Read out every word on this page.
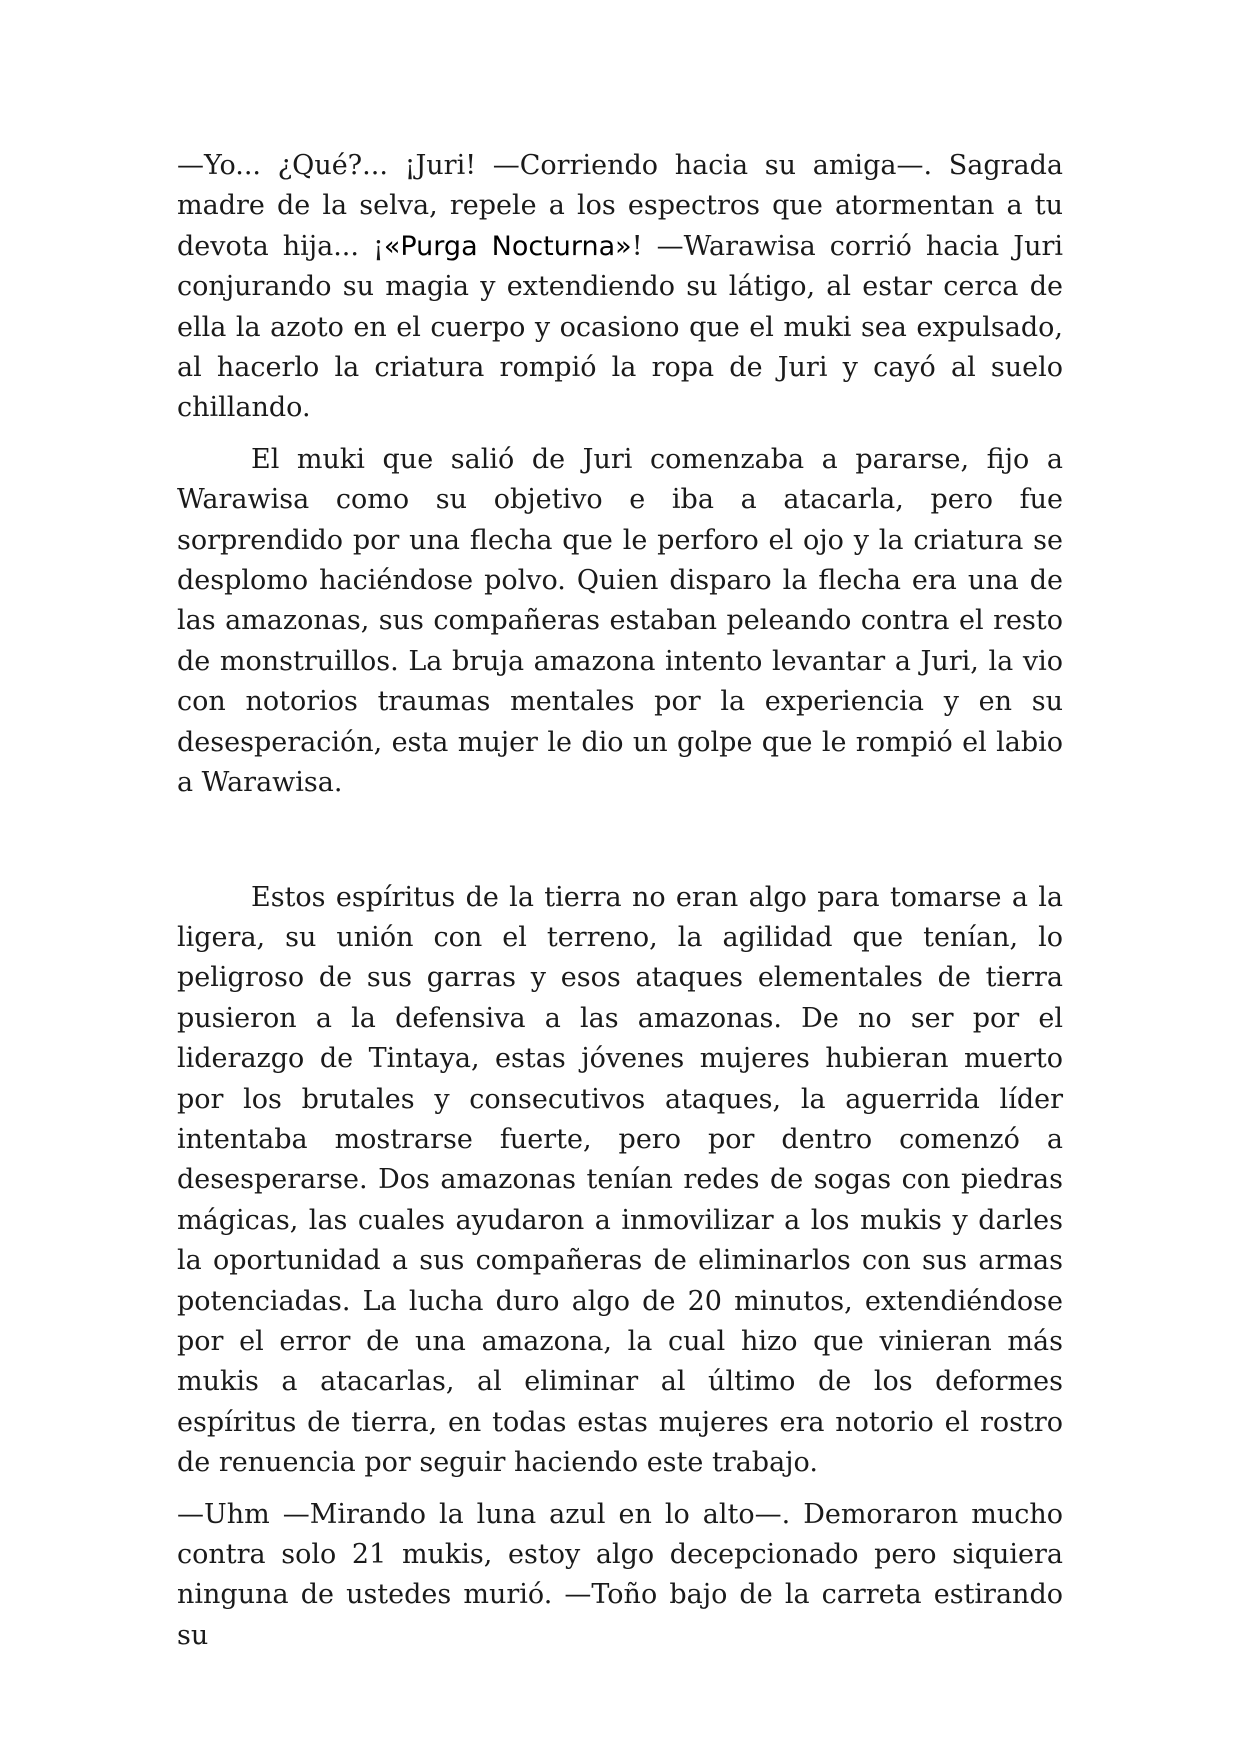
—Yo... ¿Qué?... ¡Juri! —Corriendo hacia su amiga—. Sagrada madre de la selva, repele a los espectros que atormentan a tu devota hija... ¡«Purga Nocturna»! —Warawisa corrió hacia Juri conjurando su magia y extendiendo su látigo, al estar cerca de ella la azoto en el cuerpo y ocasiono que el muki sea expulsado, al hacerlo la criatura rompió la ropa de Juri y cayó al suelo chillando.

El muki que salió de Juri comenzaba a pararse, fijo a Warawisa como su objetivo e iba a atacarla, pero fue sorprendido por una flecha que le perforo el ojo y la criatura se desplomo haciéndose polvo. Quien disparo la flecha era una de las amazonas, sus compañeras estaban peleando contra el resto de monstruillos. La bruja amazona intento levantar a Juri, la vio con notorios traumas mentales por la experiencia y en su desesperación, esta mujer le dio un golpe que le rompió el labio a Warawisa.

Estos espíritus de la tierra no eran algo para tomarse a la ligera, su unión con el terreno, la agilidad que tenían, lo peligroso de sus garras y esos ataques elementales de tierra pusieron a la defensiva a las amazonas. De no ser por el liderazgo de Tintaya, estas jóvenes mujeres hubieran muerto por los brutales y consecutivos ataques, la aguerrida líder intentaba mostrarse fuerte, pero por dentro comenzó a desesperarse. Dos amazonas tenían redes de sogas con piedras mágicas, las cuales ayudaron a inmovilizar a los mukis y darles la oportunidad a sus compañeras de eliminarlos con sus armas potenciadas. La lucha duro algo de 20 minutos, extendiéndose por el error de una amazona, la cual hizo que vinieran más mukis a atacarlas, al eliminar al último de los deformes espíritus de tierra, en todas estas mujeres era notorio el rostro de renuencia por seguir haciendo este trabajo.

—Uhm —Mirando la luna azul en lo alto—. Demoraron mucho contra solo 21 mukis, estoy algo decepcionado pero siquiera ninguna de ustedes murió. —Toño bajo de la carreta estirando su
